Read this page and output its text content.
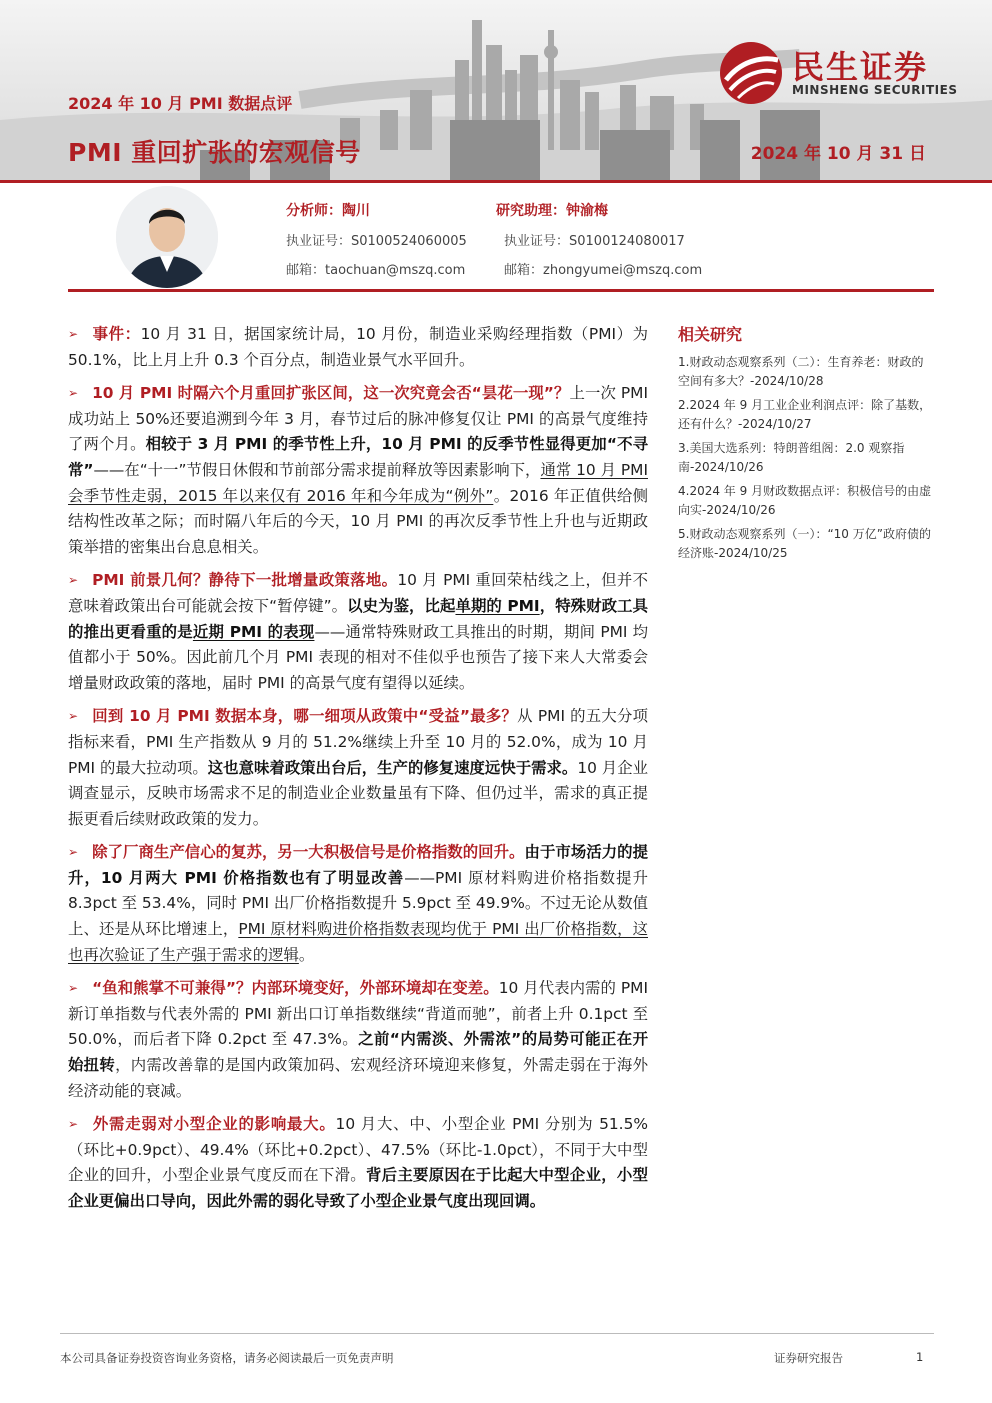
2024 年 10 月 PMI 数据点评
PMI 重回扩张的宏观信号	2024 年 10 月 31 日
民生证券
MINSHENG SECURITIES
分析师：陶川
执业证号：S0100524060005
邮箱：taochuan@mszq.com
研究助理：钟渝梅
执业证号：S0100124080017
邮箱：zhongyumei@mszq.com

➢ 事件：10 月 31 日，据国家统计局，10 月份，制造业采购经理指数（PMI）为 50.1%，比上月上升 0.3 个百分点，制造业景气水平回升。

➢ 10 月 PMI 时隔六个月重回扩张区间，这一次究竟会否“昙花一现”？上一次 PMI 成功站上 50%还要追溯到今年 3 月，春节过后的脉冲修复仅让 PMI 的高景气度维持了两个月。相较于 3 月 PMI 的季节性上升，10 月 PMI 的反季节性显得更加“不寻常”——在“十一”节假日休假和节前部分需求提前释放等因素影响下，通常 10 月 PMI 会季节性走弱，2015 年以来仅有 2016 年和今年成为“例外”。2016 年正值供给侧结构性改革之际；而时隔八年后的今天，10 月 PMI 的再次反季节性上升也与近期政策举措的密集出台息息相关。

➢ PMI 前景几何？静待下一批增量政策落地。10 月 PMI 重回荣枯线之上，但并不意味着政策出台可能就会按下“暂停键”。以史为鉴，比起单期的 PMI，特殊财政工具的推出更看重的是近期 PMI 的表现——通常特殊财政工具推出的时期，期间 PMI 均值都小于 50%。因此前几个月 PMI 表现的相对不佳似乎也预告了接下来人大常委会增量财政政策的落地，届时 PMI 的高景气度有望得以延续。

➢ 回到 10 月 PMI 数据本身，哪一细项从政策中“受益”最多？从 PMI 的五大分项指标来看，PMI 生产指数从 9 月的 51.2%继续上升至 10 月的 52.0%，成为 10 月 PMI 的最大拉动项。这也意味着政策出台后，生产的修复速度远快于需求。10 月企业调查显示，反映市场需求不足的制造业企业数量虽有下降、但仍过半，需求的真正提振更看后续财政政策的发力。

➢ 除了厂商生产信心的复苏，另一大积极信号是价格指数的回升。由于市场活力的提升，10 月两大 PMI 价格指数也有了明显改善——PMI 原材料购进价格指数提升 8.3pct 至 53.4%，同时 PMI 出厂价格指数提升 5.9pct 至 49.9%。不过无论从数值上、还是从环比增速上，PMI 原材料购进价格指数表现均优于 PMI 出厂价格指数，这也再次验证了生产强于需求的逻辑。

➢ “鱼和熊掌不可兼得”？内部环境变好，外部环境却在变差。10 月代表内需的 PMI 新订单指数与代表外需的 PMI 新出口订单指数继续“背道而驰”，前者上升 0.1pct 至 50.0%，而后者下降 0.2pct 至 47.3%。之前“内需淡、外需浓”的局势可能正在开始扭转，内需改善靠的是国内政策加码、宏观经济环境迎来修复，外需走弱在于海外经济动能的衰减。

➢ 外需走弱对小型企业的影响最大。10 月大、中、小型企业 PMI 分别为 51.5%（环比+0.9pct）、49.4%（环比+0.2pct）、47.5%（环比-1.0pct），不同于大中型企业的回升，小型企业景气度反而在下滑。背后主要原因在于比起大中型企业，小型企业更偏出口导向，因此外需的弱化导致了小型企业景气度出现回调。

相关研究
1.财政动态观察系列（二）：生育养老：财政的空间有多大？-2024/10/28
2.2024 年 9 月工业企业利润点评：除了基数，还有什么？-2024/10/27
3.美国大选系列：特朗普组阁：2.0 观察指南-2024/10/26
4.2024 年 9 月财政数据点评：积极信号的由虚向实-2024/10/26
5.财政动态观察系列（一）：“10 万亿”政府债的经济账-2024/10/25
本公司具备证券投资咨询业务资格，请务必阅读最后一页免责声明	证券研究报告	1
